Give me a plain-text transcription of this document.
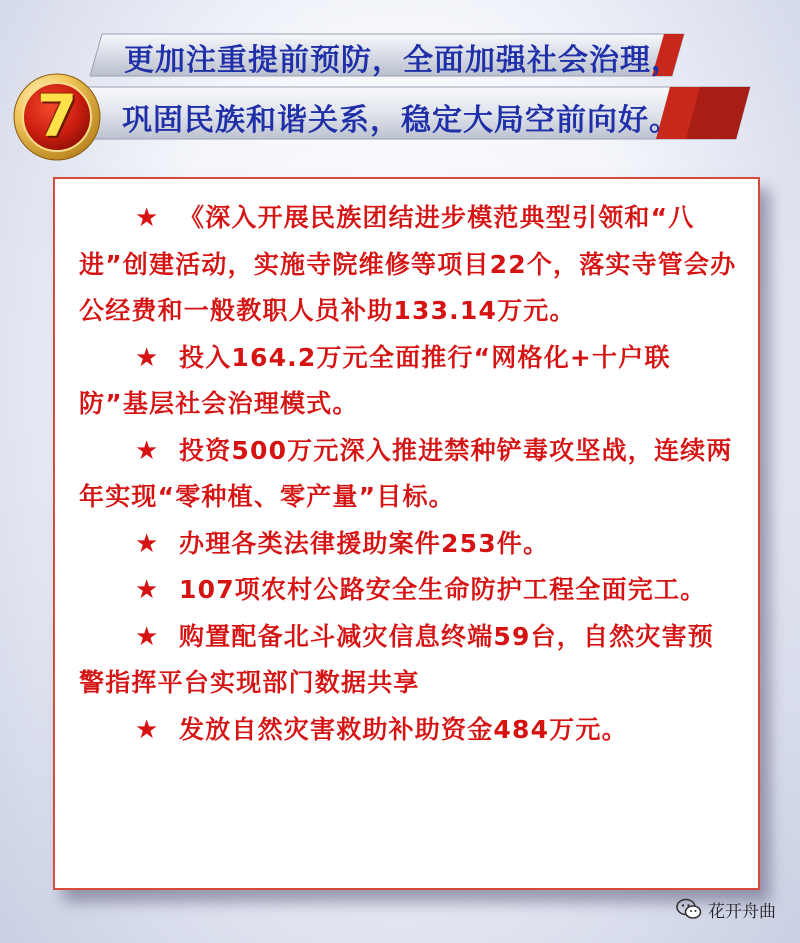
更加注重提前预防，全面加强社会治理，
巩固民族和谐关系，稳定大局空前向好。
7

★ 《深入开展民族团结进步模范典型引领和“八进”创建活动，实施寺院维修等项目22个，落实寺管会办公经费和一般教职人员补助133.14万元。

★ 投入164.2万元全面推行“网格化+十户联防”基层社会治理模式。

★ 投资500万元深入推进禁种铲毒攻坚战，连续两年实现“零种植、零产量”目标。

★ 办理各类法律援助案件253件。

★ 107项农村公路安全生命防护工程全面完工。

★ 购置配备北斗减灾信息终端59台，自然灾害预警指挥平台实现部门数据共享

★ 发放自然灾害救助补助资金484万元。

花开舟曲
